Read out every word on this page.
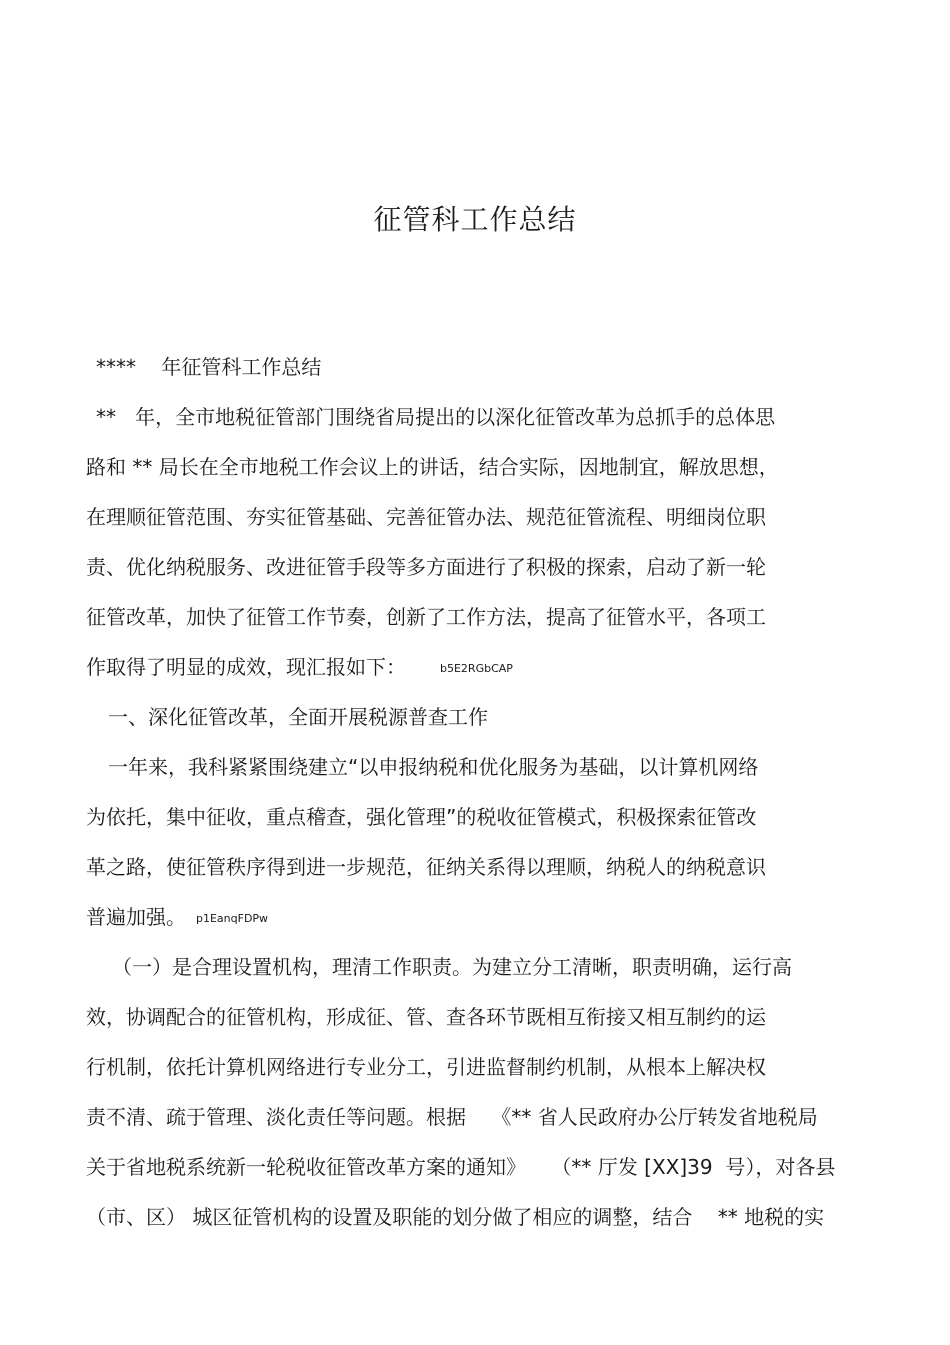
征管科工作总结
****    年征管科工作总结
**   年，全市地税征管部门围绕省局提出的以深化征管改革为总抓手的总体思
路和 ** 局长在全市地税工作会议上的讲话，结合实际，因地制宜，解放思想，
在理顺征管范围、夯实征管基础、完善征管办法、规范征管流程、明细岗位职
责、优化纳税服务、改进征管手段等多方面进行了积极的探索，启动了新一轮
征管改革，加快了征管工作节奏，创新了工作方法，提高了征管水平，各项工
作取得了明显的成效，现汇报如下：	b5E2RGbCAP
一、深化征管改革，全面开展税源普查工作
一年来，我科紧紧围绕建立“以申报纳税和优化服务为基础，以计算机网络
为依托，集中征收，重点稽查，强化管理”的税收征管模式，积极探索征管改
革之路，使征管秩序得到进一步规范，征纳关系得以理顺，纳税人的纳税意识
普遍加强。 p1EanqFDPw
（一）是合理设置机构，理清工作职责。为建立分工清晰，职责明确，运行高
效，协调配合的征管机构，形成征、管、查各环节既相互衔接又相互制约的运
行机制，依托计算机网络进行专业分工，引进监督制约机制，从根本上解决权
责不清、疏于管理、淡化责任等问题。根据    《** 省人民政府办公厅转发省地税局
关于省地税系统新一轮税收征管改革方案的通知》    （** 厅发 [XX]39  号），对各县
（市、区） 城区征管机构的设置及职能的划分做了相应的调整，结合    ** 地税的实
